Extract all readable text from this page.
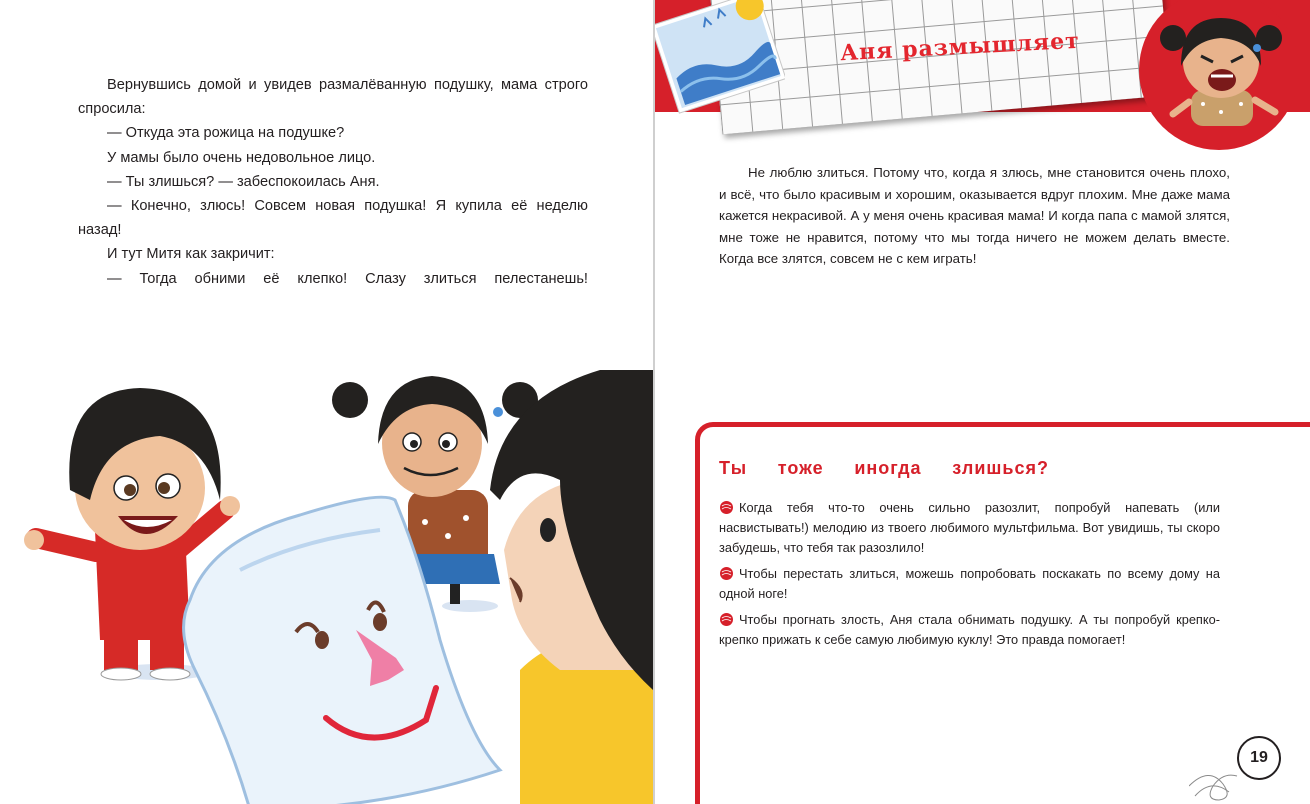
Вернувшись домой и увидев размалёванную подушку, мама строго спросила:

— Откуда эта рожица на подушке?

У мамы было очень недовольное лицо.

— Ты злишься? — забеспокоилась Аня.

— Конечно, злюсь! Совсем новая подушка! Я купила её неделю назад!

И тут Митя как закричит:

— Тогда обними её клепко! Слазу злиться пелестанешь!

Аня размышляет

Не люблю злиться. Потому что, когда я злюсь, мне становится очень плохо, и всё, что было красивым и хорошим, оказывается вдруг плохим. Мне даже мама кажется некрасивой. А у меня очень красивая мама! И когда папа с мамой злятся, мне тоже не нравится, потому что мы тогда ничего не можем делать вместе. Когда все злятся, совсем не с кем играть!

Ты тоже иногда злишься?
Когда тебя что-то очень сильно разозлит, попробуй напевать (или насвистывать!) мелодию из твоего любимого мультфильма. Вот увидишь, ты скоро забудешь, что тебя так разозлило!
Чтобы перестать злиться, можешь попробовать поскакать по всему дому на одной ноге!
Чтобы прогнать злость, Аня стала обнимать подушку. А ты попробуй крепко-крепко прижать к себе самую любимую куклу! Это правда помогает!
19
